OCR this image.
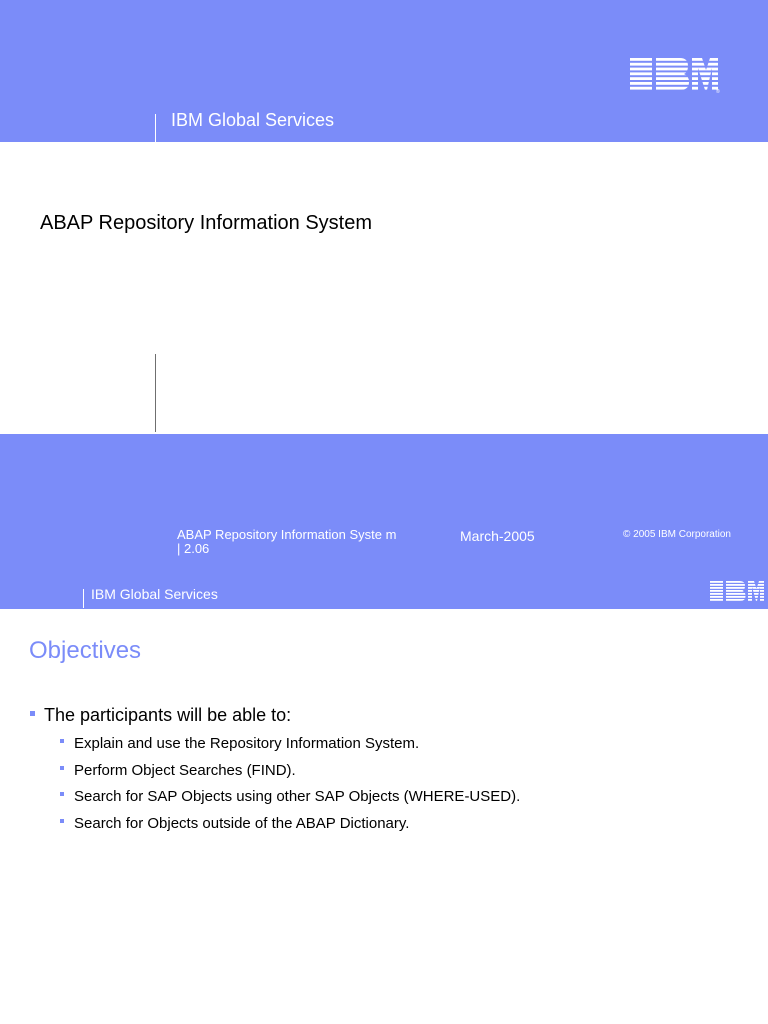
IBM Global Services
®
ABAP Repository Information System
ABAP Repository Information Syste m | 2.06
March-2005	© 2005 IBM Corporation
IBM Global Services
Objectives
The participants will be able to:
Explain and use the Repository Information System.
Perform Object Searches (FIND).
Search for SAP Objects using other SAP Objects (WHERE-USED).
Search for Objects outside of the ABAP Dictionary.
